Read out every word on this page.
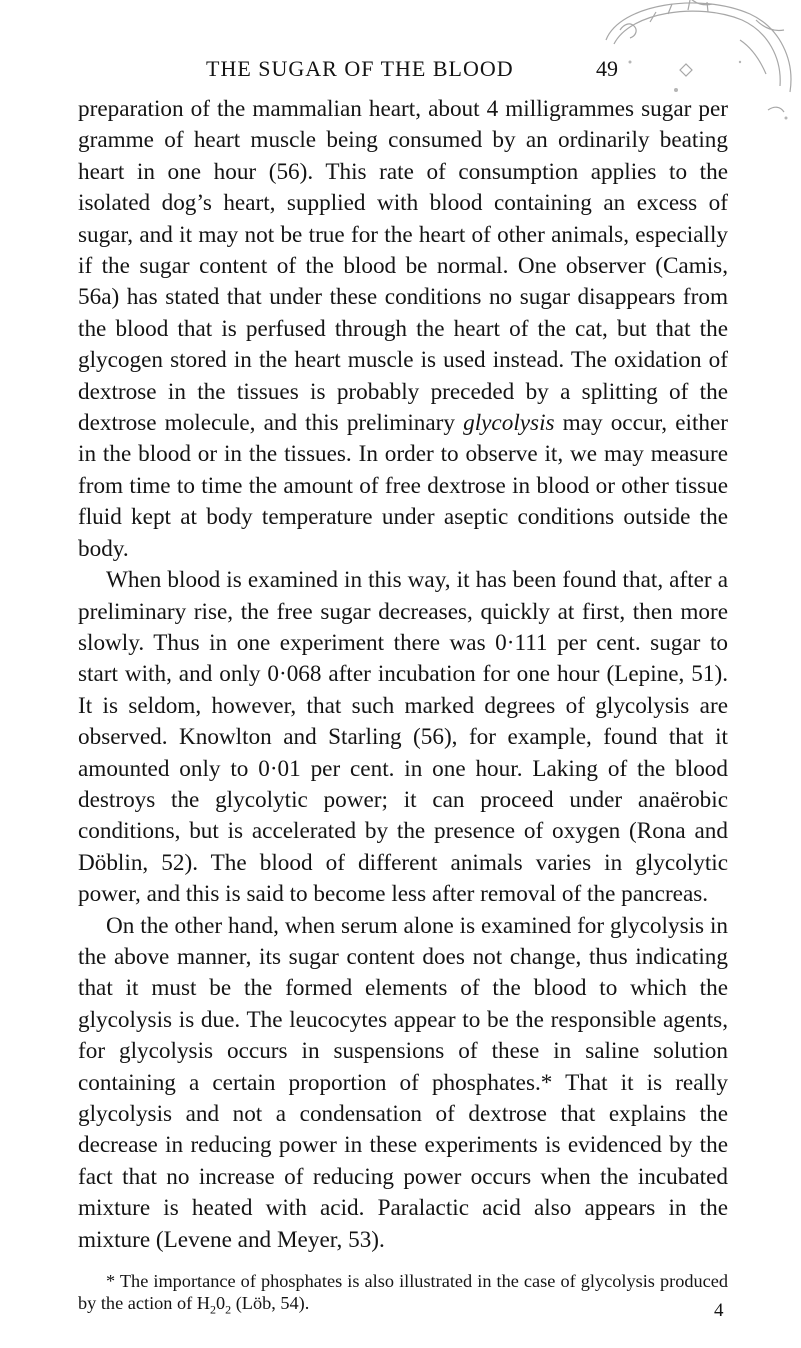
THE SUGAR OF THE BLOOD	49

preparation of the mammalian heart, about 4 milligrammes sugar per gramme of heart muscle being consumed by an ordinarily beating heart in one hour (56). This rate of consumption applies to the isolated dog’s heart, supplied with blood containing an excess of sugar, and it may not be true for the heart of other animals, especially if the sugar content of the blood be normal. One observer (Camis, 56a) has stated that under these conditions no sugar disappears from the blood that is perfused through the heart of the cat, but that the glycogen stored in the heart muscle is used instead. The oxidation of dextrose in the tissues is probably preceded by a splitting of the dextrose molecule, and this preliminary glycolysis may occur, either in the blood or in the tissues. In order to observe it, we may measure from time to time the amount of free dextrose in blood or other tissue fluid kept at body temperature under aseptic conditions outside the body.

When blood is examined in this way, it has been found that, after a preliminary rise, the free sugar decreases, quickly at first, then more slowly. Thus in one experiment there was 0·111 per cent. sugar to start with, and only 0·068 after incubation for one hour (Lepine, 51). It is seldom, however, that such marked degrees of glycolysis are observed. Knowlton and Starling (56), for example, found that it amounted only to 0·01 per cent. in one hour. Laking of the blood destroys the glycolytic power; it can proceed under anaërobic conditions, but is accelerated by the presence of oxygen (Rona and Döblin, 52). The blood of different animals varies in glycolytic power, and this is said to become less after removal of the pancreas.

On the other hand, when serum alone is examined for glycolysis in the above manner, its sugar content does not change, thus indicating that it must be the formed elements of the blood to which the glycolysis is due. The leucocytes appear to be the responsible agents, for glycolysis occurs in suspensions of these in saline solution containing a certain proportion of phosphates.* That it is really glycolysis and not a condensation of dextrose that explains the decrease in reducing power in these experiments is evidenced by the fact that no increase of reducing power occurs when the incubated mixture is heated with acid. Paralactic acid also appears in the mixture (Levene and Meyer, 53).

* The importance of phosphates is also illustrated in the case of glycolysis produced by the action of $H_20_2$ (Löb, 54).	4
